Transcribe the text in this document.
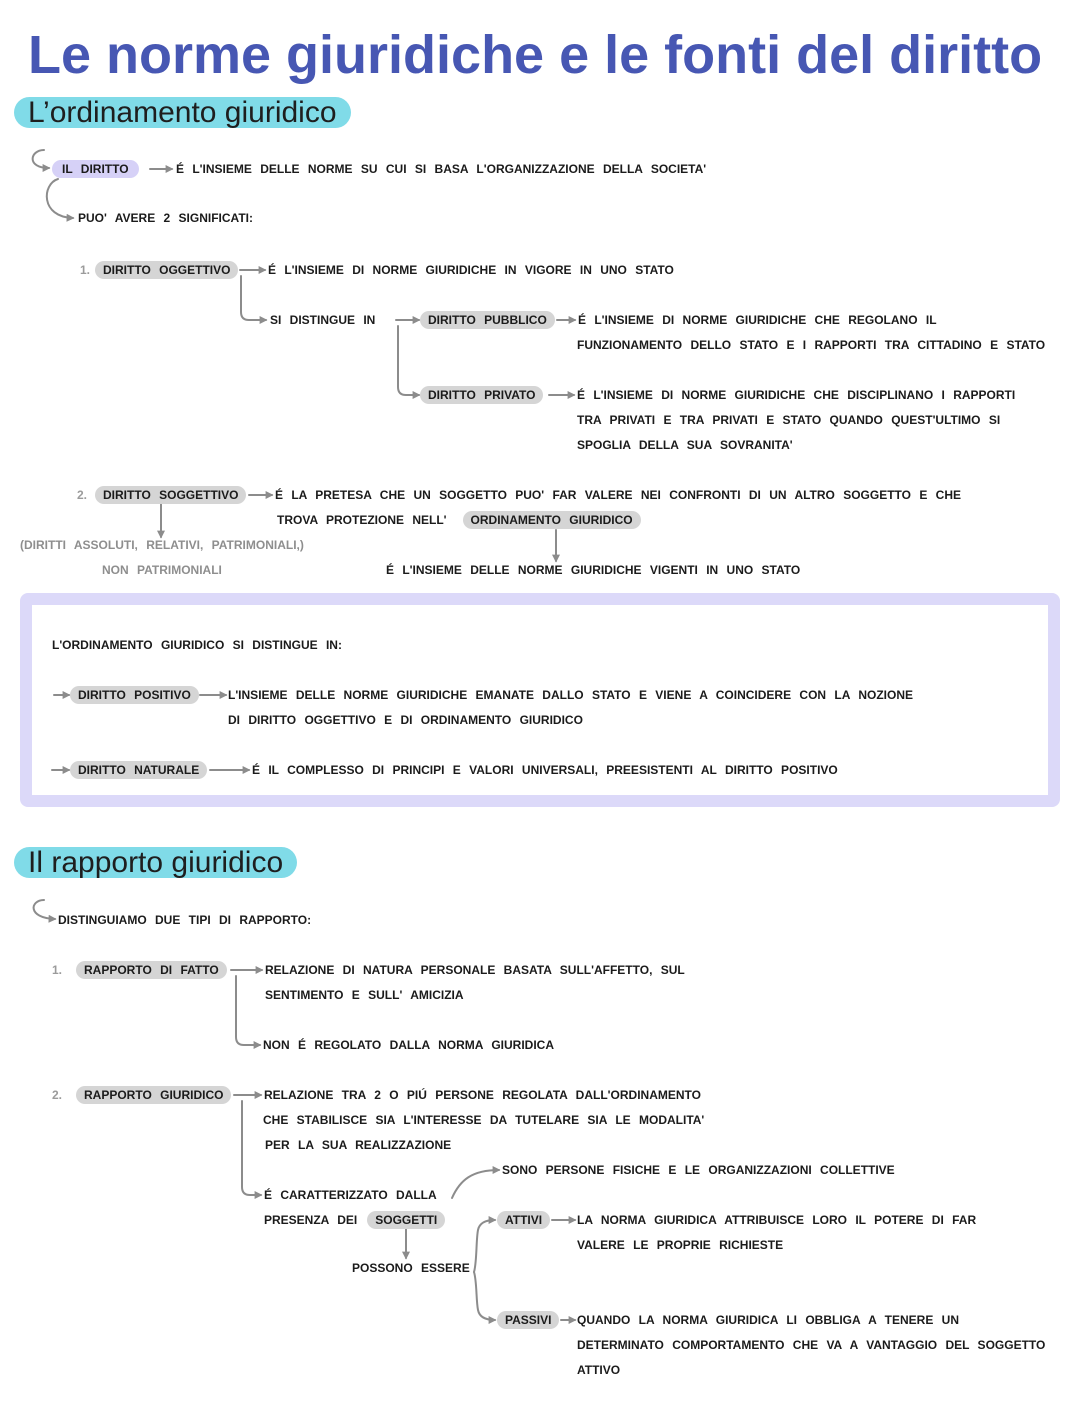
Le norme giuridiche e le fonti del diritto
L’ordinamento giuridico
IL DIRITTO	É L'INSIEME DELLE NORME SU CUI SI BASA L'ORGANIZZAZIONE DELLA SOCIETA'
PUO' AVERE 2 SIGNIFICATI:
1.	DIRITTO OGGETTIVO	É L'INSIEME DI NORME GIURIDICHE IN VIGORE IN UNO STATO
SI DISTINGUE IN	DIRITTO PUBBLICO	É L'INSIEME DI NORME GIURIDICHE CHE REGOLANO IL
FUNZIONAMENTO DELLO STATO E I RAPPORTI TRA CITTADINO E STATO
DIRITTO PRIVATO	É L'INSIEME DI NORME GIURIDICHE CHE DISCIPLINANO I RAPPORTI
TRA PRIVATI E TRA PRIVATI E STATO QUANDO QUEST'ULTIMO SI
SPOGLIA DELLA SUA SOVRANITA'
2.	DIRITTO SOGGETTIVO	É LA PRETESA CHE UN SOGGETTO PUO' FAR VALERE NEI CONFRONTI DI UN ALTRO SOGGETTO E CHE
TROVA PROTEZIONE NELL' ORDINAMENTO GIURIDICO
(DIRITTI ASSOLUTI, RELATIVI, PATRIMONIALI,)
NON PATRIMONIALI	É L'INSIEME DELLE NORME GIURIDICHE VIGENTI IN UNO STATO
L'ORDINAMENTO GIURIDICO SI DISTINGUE IN:
DIRITTO POSITIVO	L'INSIEME DELLE NORME GIURIDICHE EMANATE DALLO STATO E VIENE A COINCIDERE CON LA NOZIONE
DI DIRITTO OGGETTIVO E DI ORDINAMENTO GIURIDICO
DIRITTO NATURALE	É IL COMPLESSO DI PRINCIPI E VALORI UNIVERSALI, PREESISTENTI AL DIRITTO POSITIVO
Il rapporto giuridico
DISTINGUIAMO DUE TIPI DI RAPPORTO:
1.	RAPPORTO DI FATTO	RELAZIONE DI NATURA PERSONALE BASATA SULL'AFFETTO, SUL
SENTIMENTO E SULL' AMICIZIA
NON É REGOLATO DALLA NORMA GIURIDICA
2.	RAPPORTO GIURIDICO	RELAZIONE TRA 2 O PIÚ PERSONE REGOLATA DALL'ORDINAMENTO
CHE STABILISCE SIA L'INTERESSE DA TUTELARE SIA LE MODALITA'
PER LA SUA REALIZZAZIONE
SONO PERSONE FISICHE E LE ORGANIZZAZIONI COLLETTIVE
É CARATTERIZZATO DALLA
PRESENZA DEI SOGGETTI
POSSONO ESSERE
ATTIVI	LA NORMA GIURIDICA ATTRIBUISCE LORO IL POTERE DI FAR
VALERE LE PROPRIE RICHIESTE
PASSIVI	QUANDO LA NORMA GIURIDICA LI OBBLIGA A TENERE UN
DETERMINATO COMPORTAMENTO CHE VA A VANTAGGIO DEL SOGGETTO
ATTIVO
